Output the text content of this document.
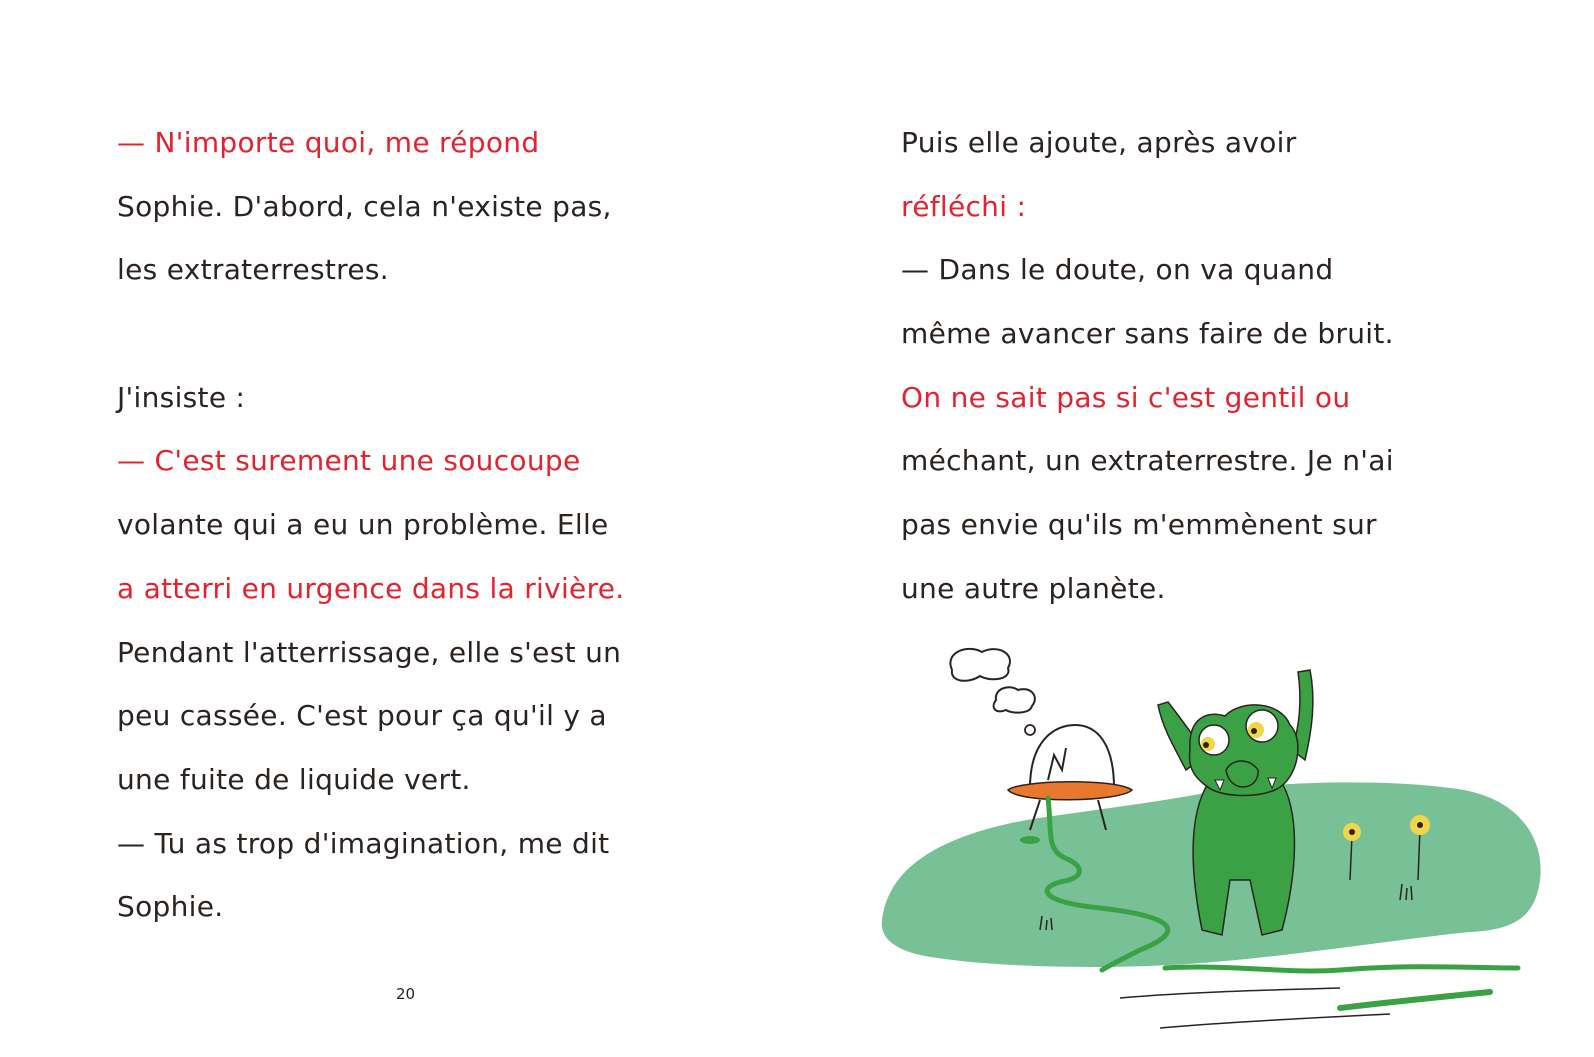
— N'importe quoi, me répond
Sophie. D'abord, cela n'existe pas,
les extraterrestres.
J'insiste :
— C'est surement une soucoupe
volante qui a eu un problème. Elle
a atterri en urgence dans la rivière.
Pendant l'atterrissage, elle s'est un
peu cassée. C'est pour ça qu'il y a
une fuite de liquide vert.
— Tu as trop d'imagination, me dit
Sophie.
20
Puis elle ajoute, après avoir
réfléchi :
— Dans le doute, on va quand
même avancer sans faire de bruit.
On ne sait pas si c'est gentil ou
méchant, un extraterrestre. Je n'ai
pas envie qu'ils m'emmènent sur
une autre planète.
